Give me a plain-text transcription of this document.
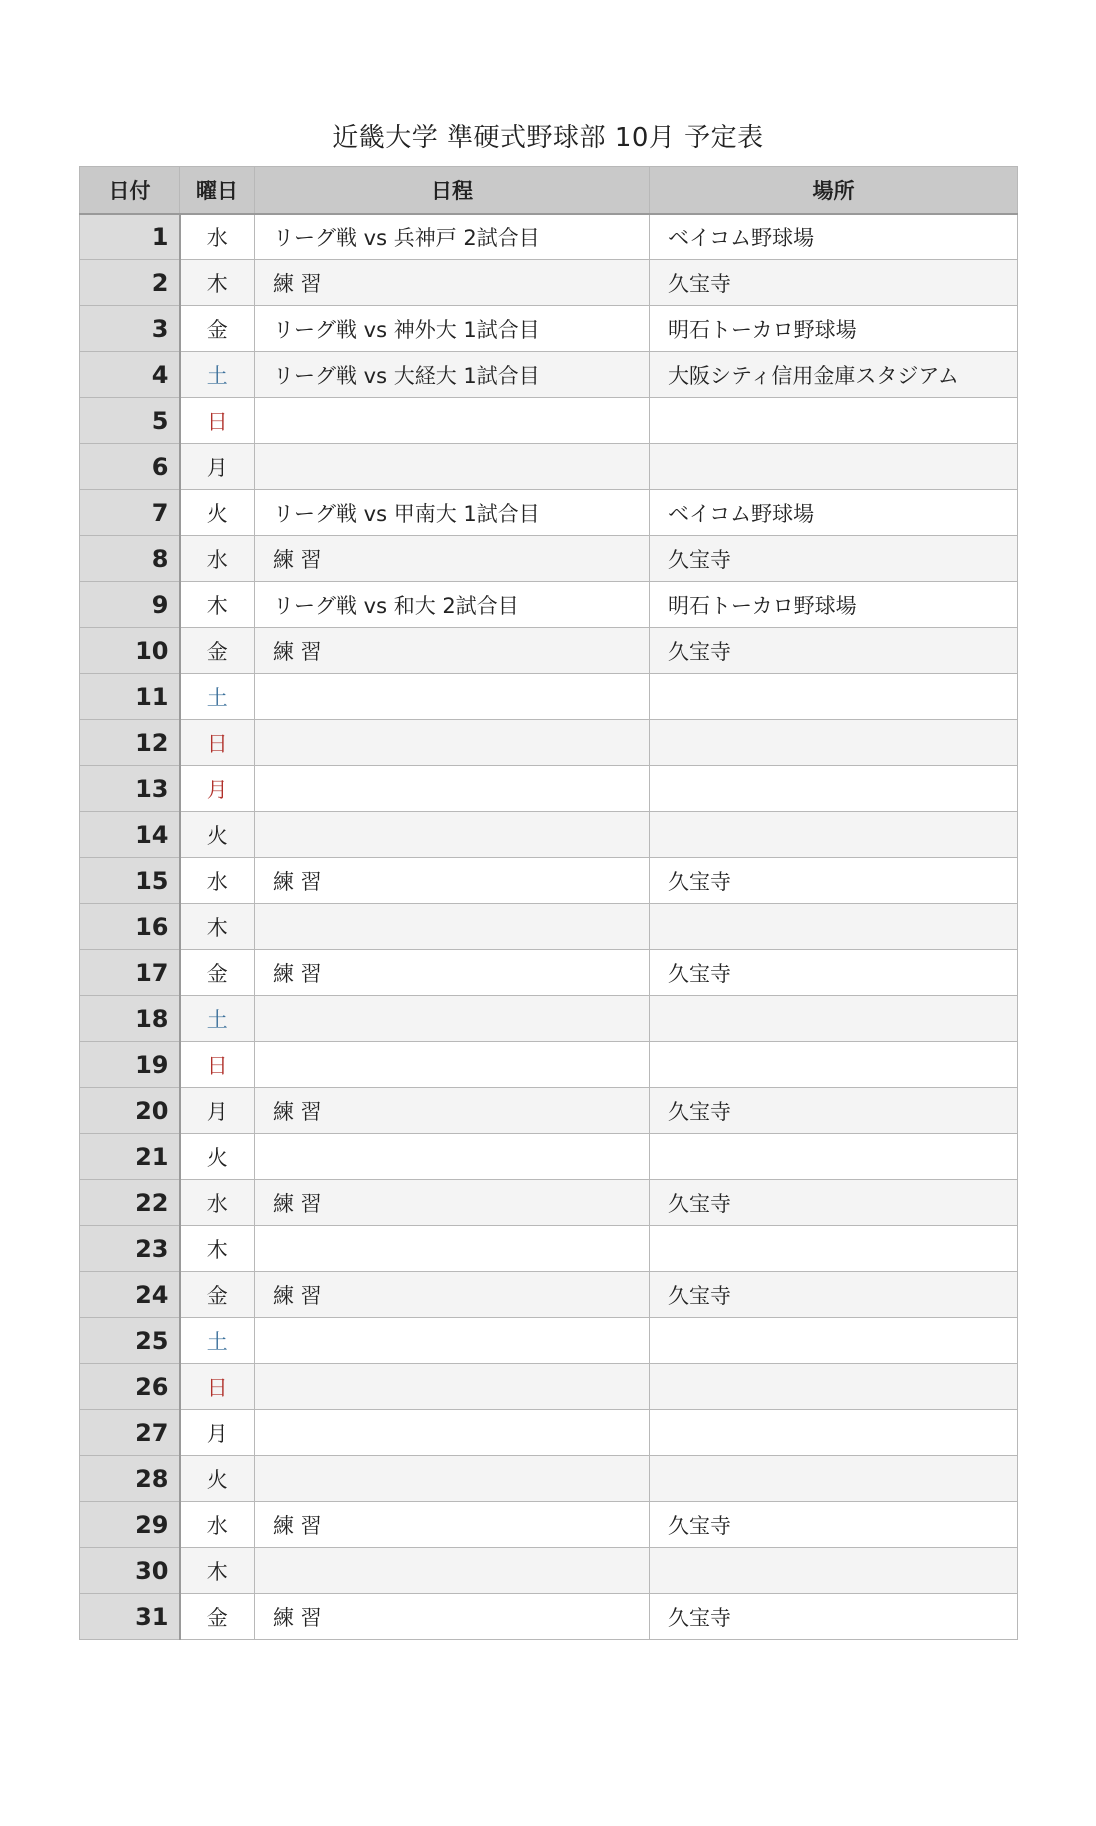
近畿大学 準硬式野球部 10月 予定表
日付	曜日	日程	場所
1	水	リーグ戦 vs 兵神戸 2試合目	ベイコム野球場
2	木	練 習	久宝寺
3	金	リーグ戦 vs 神外大 1試合目	明石トーカロ野球場
4	土	リーグ戦 vs 大経大 1試合目	大阪シティ信用金庫スタジアム
5	日		
6	月		
7	火	リーグ戦 vs 甲南大 1試合目	ベイコム野球場
8	水	練 習	久宝寺
9	木	リーグ戦 vs 和大 2試合目	明石トーカロ野球場
10	金	練 習	久宝寺
11	土		
12	日		
13	月		
14	火		
15	水	練 習	久宝寺
16	木		
17	金	練 習	久宝寺
18	土		
19	日		
20	月	練 習	久宝寺
21	火		
22	水	練 習	久宝寺
23	木		
24	金	練 習	久宝寺
25	土		
26	日		
27	月		
28	火		
29	水	練 習	久宝寺
30	木		
31	金	練 習	久宝寺
